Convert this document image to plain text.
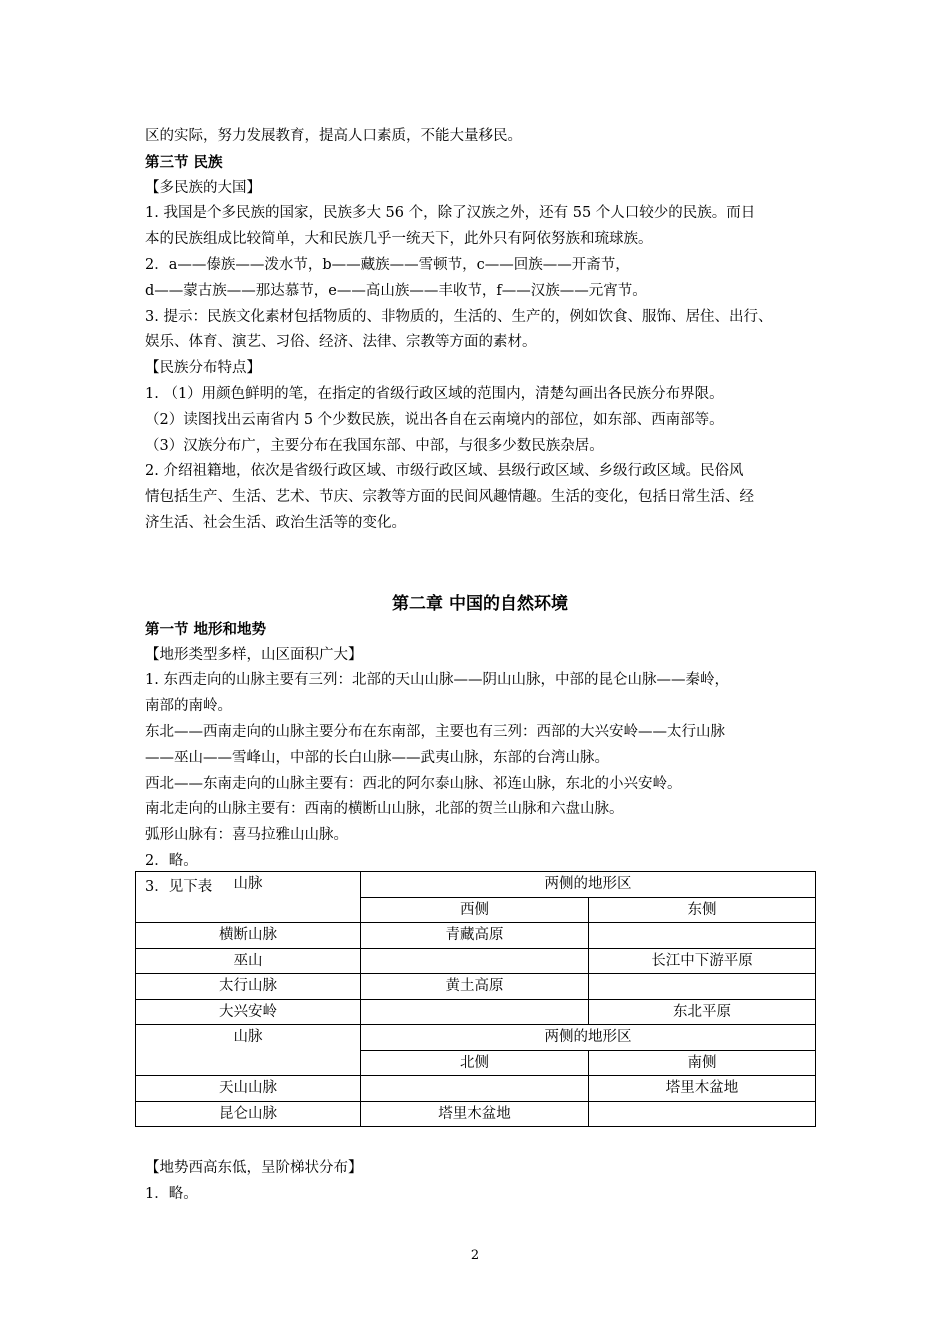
区的实际，努力发展教育，提高人口素质，不能大量移民。
第三节 民族
【多民族的大国】
1. 我国是个多民族的国家，民族多大 56 个，除了汉族之外，还有 55 个人口较少的民族。而日
本的民族组成比较简单，大和民族几乎一统天下，此外只有阿依努族和琉球族。
2．a——傣族——泼水节，b——藏族——雪顿节，c——回族——开斋节，
d——蒙古族——那达慕节，e——高山族——丰收节，f——汉族——元宵节。
3. 提示：民族文化素材包括物质的、非物质的，生活的、生产的，例如饮食、服饰、居住、出行、
娱乐、体育、演艺、习俗、经济、法律、宗教等方面的素材。
【民族分布特点】
1. （1）用颜色鲜明的笔，在指定的省级行政区域的范围内，清楚勾画出各民族分布界限。
（2）读图找出云南省内 5 个少数民族，说出各自在云南境内的部位，如东部、西南部等。
（3）汉族分布广，主要分布在我国东部、中部，与很多少数民族杂居。
2. 介绍祖籍地，依次是省级行政区域、市级行政区域、县级行政区域、乡级行政区域。民俗风
情包括生产、生活、艺术、节庆、宗教等方面的民间风趣情趣。生活的变化，包括日常生活、经
济生活、社会生活、政治生活等的变化。
第二章 中国的自然环境
第一节 地形和地势
【地形类型多样，山区面积广大】
1. 东西走向的山脉主要有三列：北部的天山山脉——阴山山脉，中部的昆仑山脉——秦岭，
南部的南岭。
东北——西南走向的山脉主要分布在东南部，主要也有三列：西部的大兴安岭——太行山脉
——巫山——雪峰山，中部的长白山脉——武夷山脉，东部的台湾山脉。
西北——东南走向的山脉主要有：西北的阿尔泰山脉、祁连山脉，东北的小兴安岭。
南北走向的山脉主要有：西南的横断山山脉，北部的贺兰山脉和六盘山脉。
弧形山脉有：喜马拉雅山山脉。
2．略。
3．见下表	山脉	两侧的地形区	
	西侧	东侧
横断山脉	青藏高原	
巫山		长江中下游平原
太行山脉	黄土高原	
大兴安岭		东北平原
山脉	两侧的地形区	
	北侧	南侧
天山山脉		塔里木盆地
昆仑山脉	塔里木盆地	
【地势西高东低，呈阶梯状分布】
1．略。
2
